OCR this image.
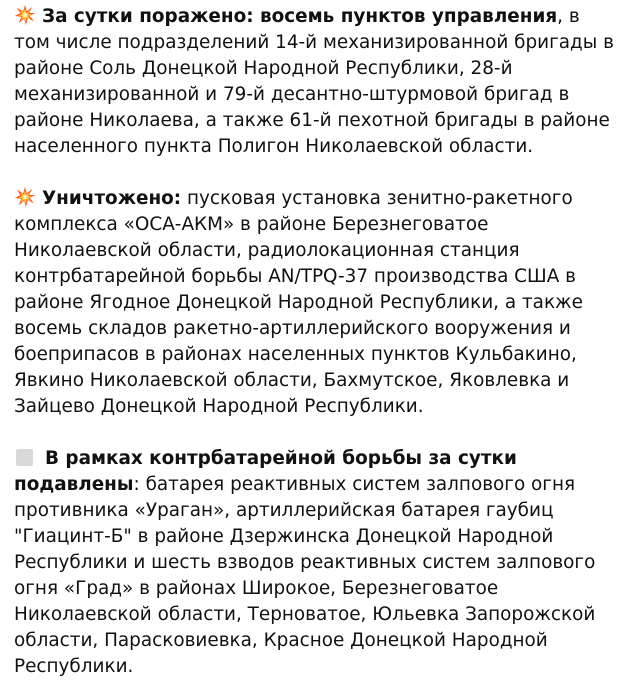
За сутки поражено: восемь пунктов управления, в том числе подразделений 14-й механизированной бригады в районе Соль Донецкой Народной Республики, 28-й механизированной и 79-й десантно-штурмовой бригад в районе Николаева, а также 61-й пехотной бригады в районе населенного пункта Полигон Николаевской области.

Уничтожено: пусковая установка зенитно-ракетного комплекса «ОСА-АКМ» в районе Березнеговатое Николаевской области, радиолокационная станция контрбатарейной борьбы AN/TPQ-37 производства США в районе Ягодное Донецкой Народной Республики, а также восемь складов ракетно-артиллерийского вооружения и боеприпасов в районах населенных пунктов Кульбакино, Явкино Николаевской области, Бахмутское, Яковлевка и Зайцево Донецкой Народной Республики.

В рамках контрбатарейной борьбы за сутки подавлены: батарея реактивных систем залпового огня противника «Ураган», артиллерийская батарея гаубиц "Гиацинт-Б" в районе Дзержинска Донецкой Народной Республики и шесть взводов реактивных систем залпового огня «Град» в районах Широкое, Березнеговатое Николаевской области, Терноватое, Юльевка Запорожской области, Парасковиевка, Красное Донецкой Народной Республики.
